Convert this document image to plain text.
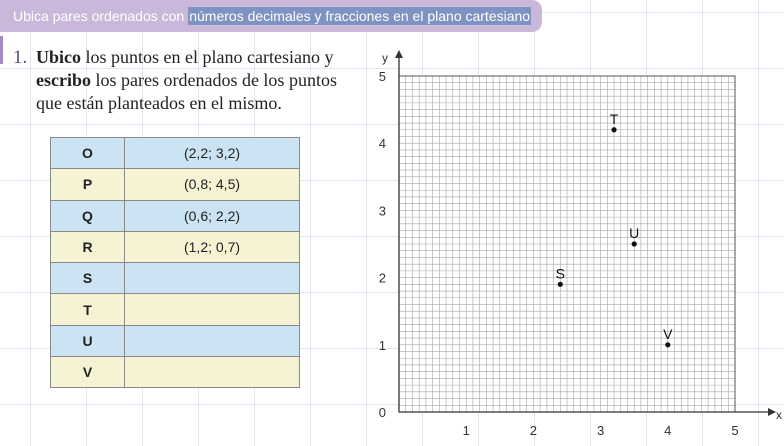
Ubica pares ordenados con números decimales y fracciones en el plano cartesiano
1. Ubico los puntos en el plano cartesiano y escribo los pares ordenados de los puntos que están planteados en el mismo.
O	(2,2; 3,2)
P	(0,8; 4,5)
Q	(0,6; 2,2)
R	(1,2; 0,7)
S	
T	
U	
V	
x
y
1	2	3	4	5
0
1
2
3
4
5
S
T
U
V
